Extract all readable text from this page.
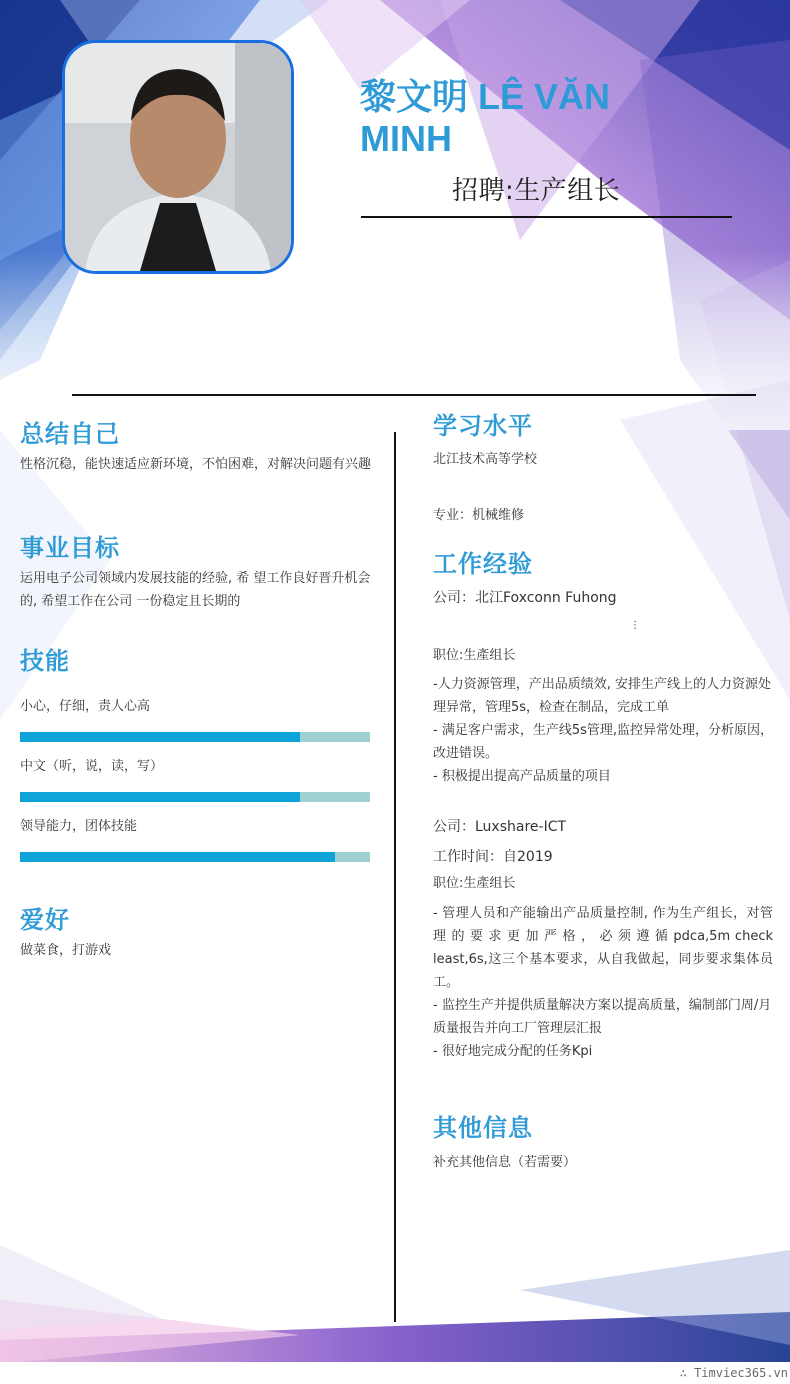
黎文明 LÊ VĂN MINH
招聘:生产组长
总结自己
性格沉稳，能快速适应新环境，不怕困难，对解决问题有兴趣
事业目标
运用电子公司领域内发展技能的经验, 希 望工作良好晋升机会的, 希望工作在公司 一份稳定且长期的
技能
小心，仔细，责人心高
中文（听，说，读，写）
领导能力，团体技能
爱好
做菜食，打游戏
学习水平
北江技术高等学校
专业：机械维修
工作经验
公司：北江Foxconn Fuhong
⋮
职位:生產组长
-人力资源管理，产出品质绩效, 安排生产线上的人力资源处理异常，管理5s，检查在制品，完成工单
- 满足客户需求，生产线5s管理,监控异常处理，分析原因，改进错误。
- 积极提出提高产品质量的项目
公司：Luxshare-ICT
工作时间：自2019
职位:生產组长
- 管理人员和产能输出产品质量控制, 作为生产组长，对管 理 的 要 求 更 加 严 格 ， 必 须 遵 循 pdca,5m check least,6s,这三个基本要求，从自我做起，同步要求集体员工。
- 监控生产并提供质量解决方案以提高质量，编制部门周/月质量报告并向工厂管理层汇报
- 很好地完成分配的任务Kpi
其他信息
补充其他信息（若需要）
∴ Timviec365.vn
